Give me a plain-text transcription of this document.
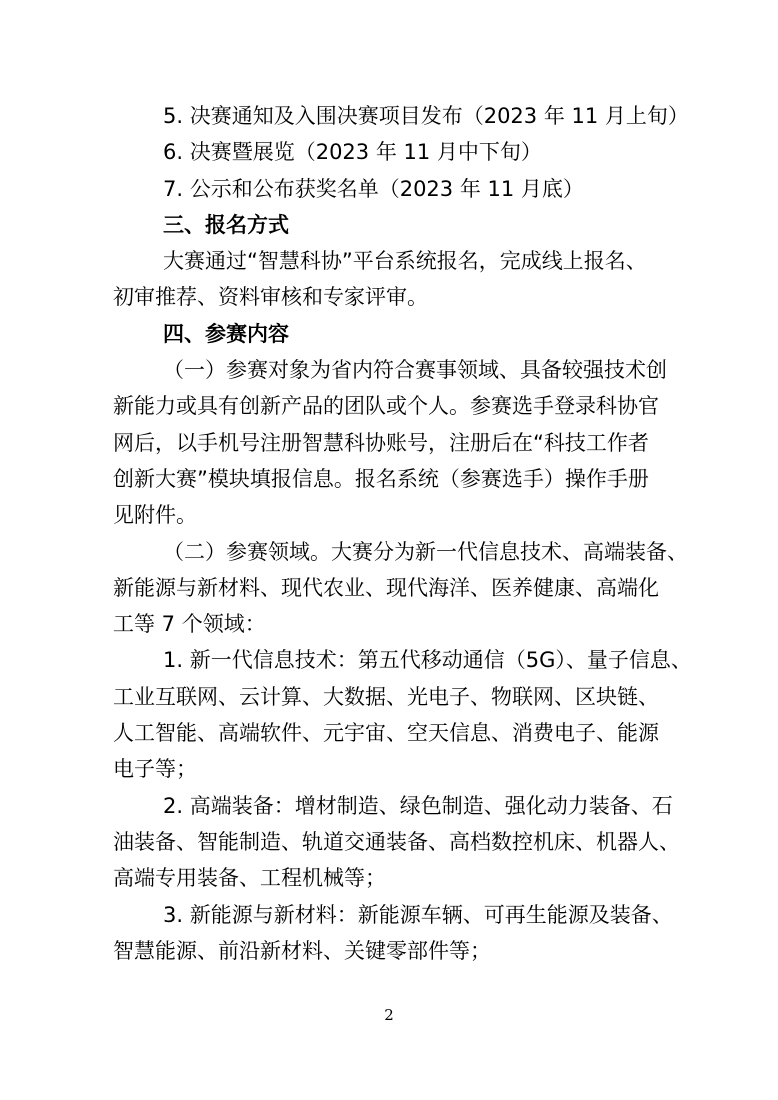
5. 决赛通知及入围决赛项目发布（2023 年 11 月上旬）
6. 决赛暨展览（2023 年 11 月中下旬）
7. 公示和公布获奖名单（2023 年 11 月底）
三、报名方式
大赛通过“智慧科协”平台系统报名，完成线上报名、
初审推荐、资料审核和专家评审。
四、参赛内容
（一）参赛对象为省内符合赛事领域、具备较强技术创
新能力或具有创新产品的团队或个人。参赛选手登录科协官
网后，以手机号注册智慧科协账号，注册后在“科技工作者
创新大赛”模块填报信息。报名系统（参赛选手）操作手册
见附件。
（二）参赛领域。大赛分为新一代信息技术、高端装备、
新能源与新材料、现代农业、现代海洋、医养健康、高端化
工等 7 个领域：
1. 新一代信息技术：第五代移动通信（5G）、量子信息、
工业互联网、云计算、大数据、光电子、物联网、区块链、
人工智能、高端软件、元宇宙、空天信息、消费电子、能源
电子等；
2. 高端装备：增材制造、绿色制造、强化动力装备、石
油装备、智能制造、轨道交通装备、高档数控机床、机器人、
高端专用装备、工程机械等；
3. 新能源与新材料：新能源车辆、可再生能源及装备、
智慧能源、前沿新材料、关键零部件等；
2
